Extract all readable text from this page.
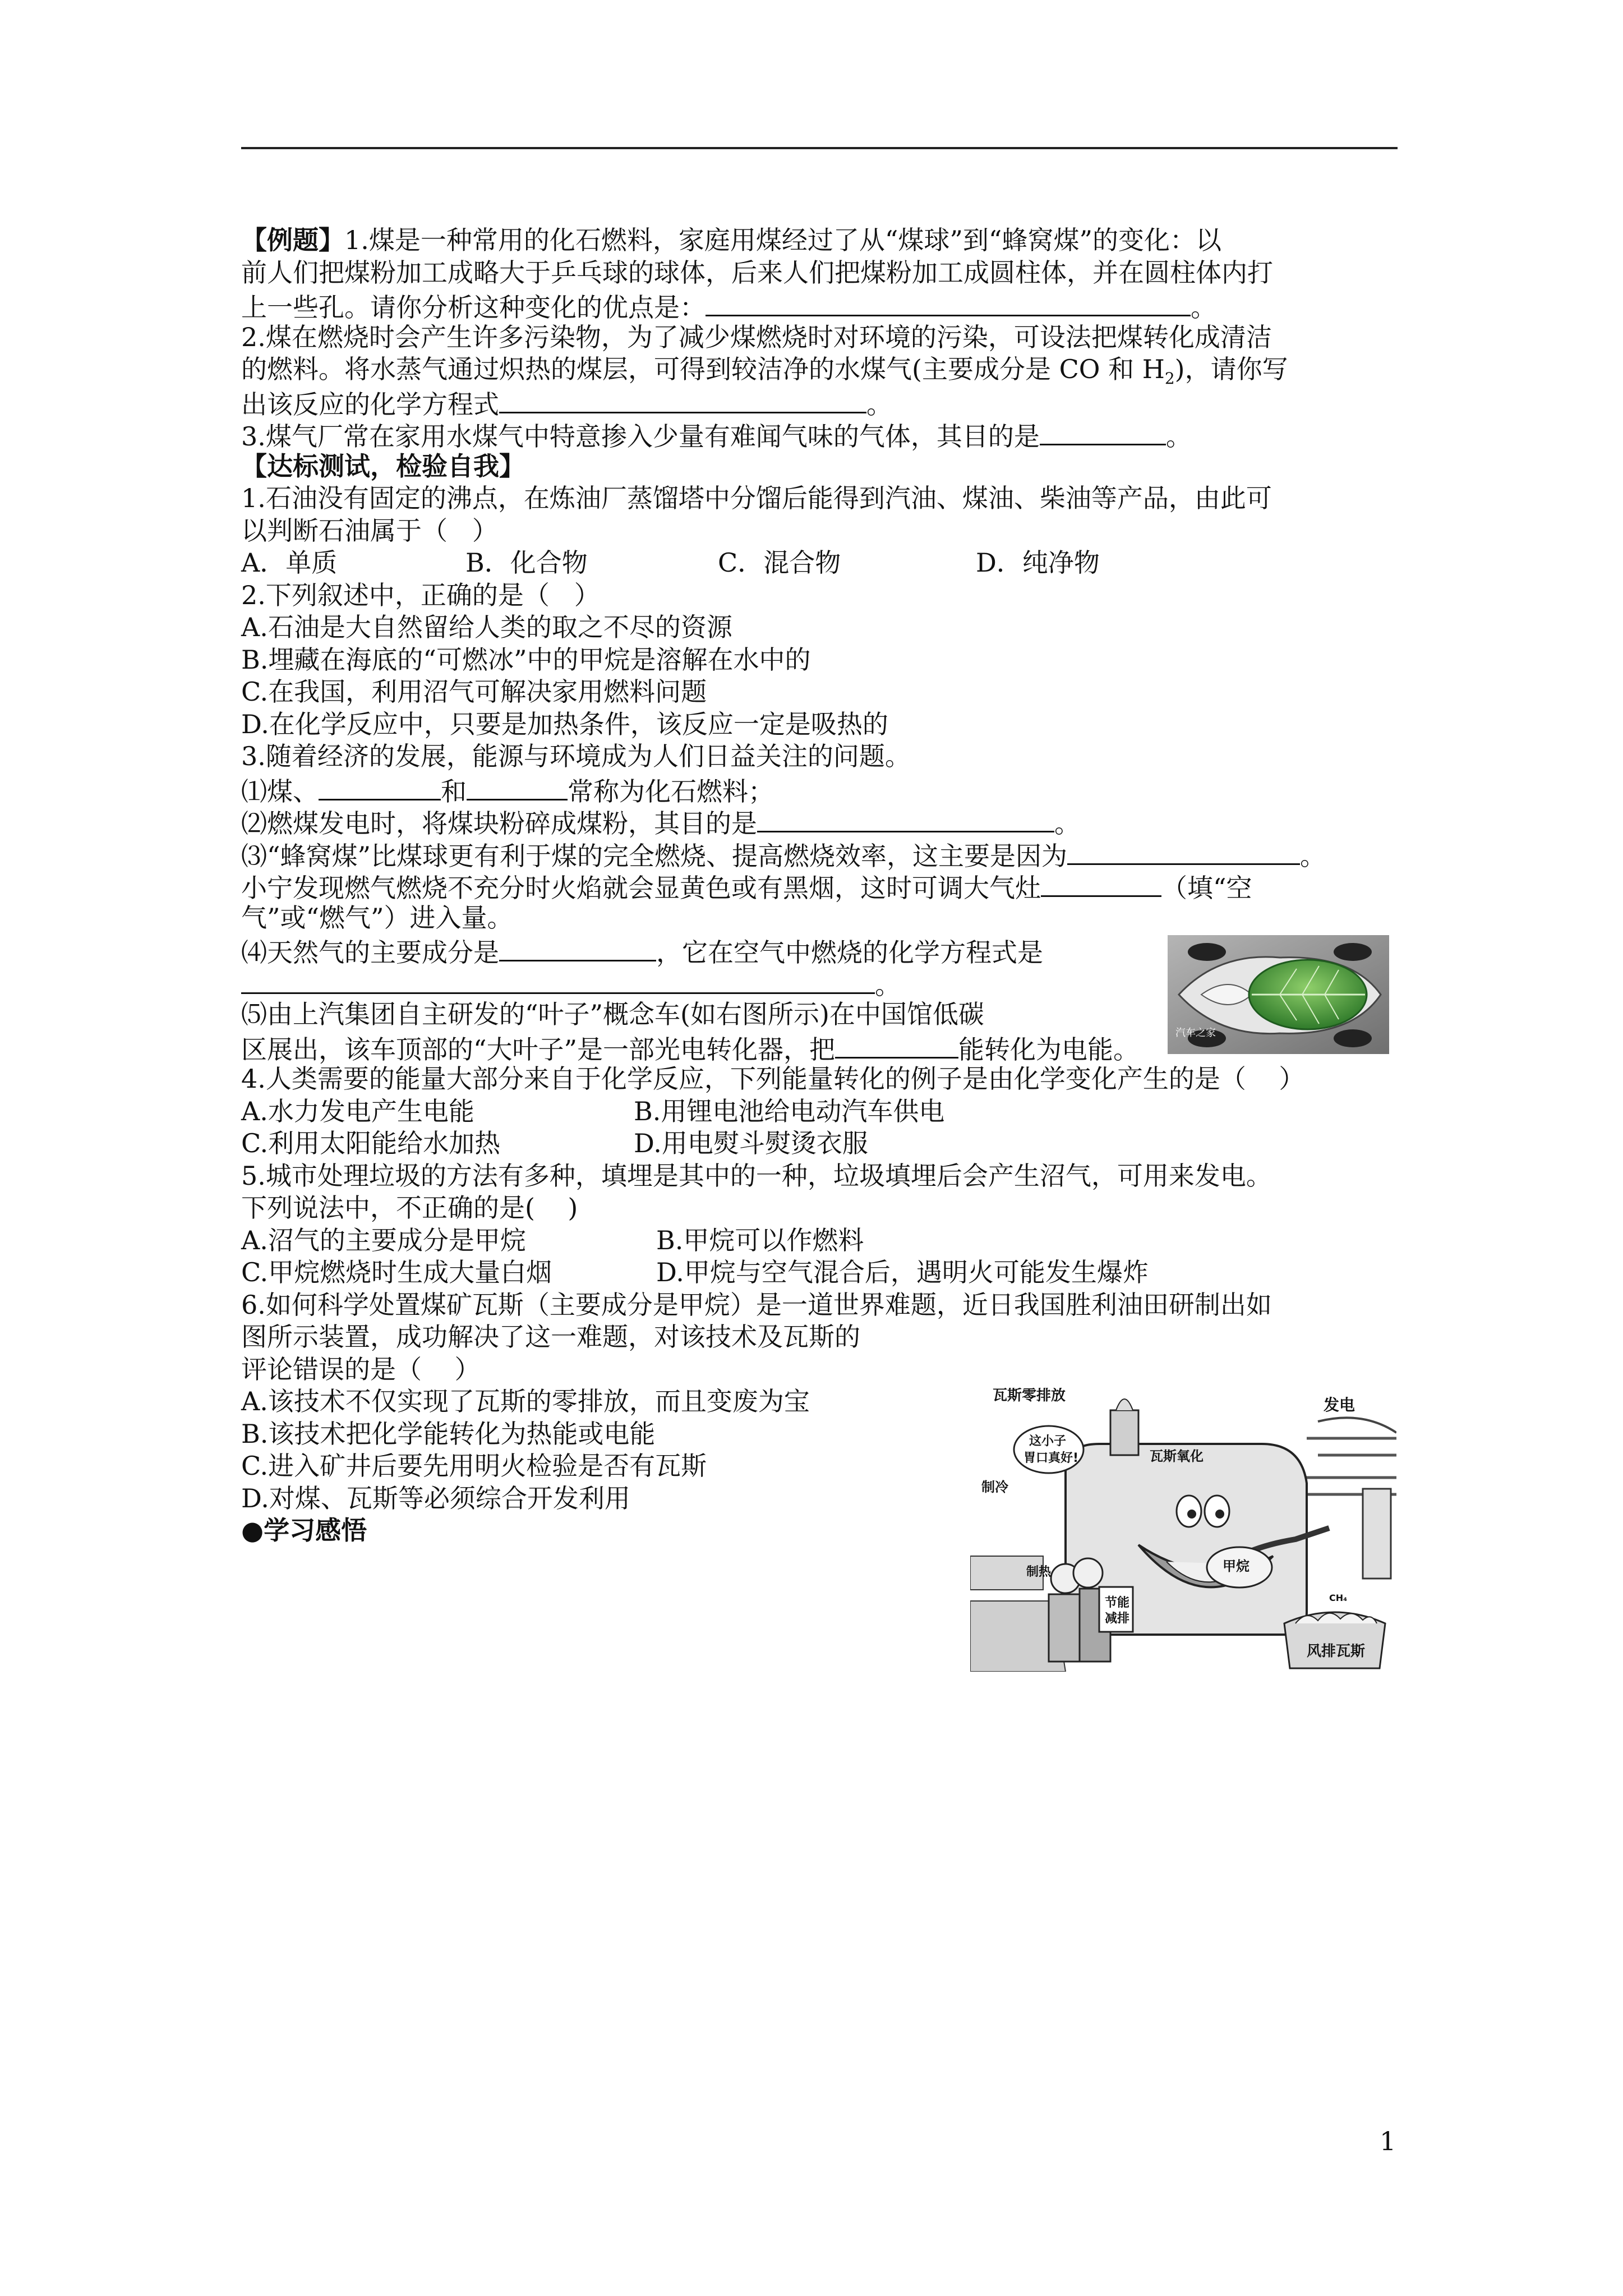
【例题】1.煤是一种常用的化石燃料，家庭用煤经过了从“煤球”到“蜂窝煤”的变化：以
前人们把煤粉加工成略大于乒乓球的球体，后来人们把煤粉加工成圆柱体，并在圆柱体内打
上一些孔。请你分析这种变化的优点是：	。
2.煤在燃烧时会产生许多污染物，为了减少煤燃烧时对环境的污染，可设法把煤转化成清洁
的燃料。将水蒸气通过炽热的煤层，可得到较洁净的水煤气(主要成分是 CO 和 $H_2$)，请你写
出该反应的化学方程式	。
3.煤气厂常在家用水煤气中特意掺入少量有难闻气味的气体，其目的是	。
【达标测试，检验自我】
1.石油没有固定的沸点，在炼油厂蒸馏塔中分馏后能得到汽油、煤油、柴油等产品，由此可
以判断石油属于（   ）
A．单质	B．化合物	C．混合物	D．纯净物
2.下列叙述中，正确的是（   ）
A.石油是大自然留给人类的取之不尽的资源
B.埋藏在海底的“可燃冰”中的甲烷是溶解在水中的
C.在我国，利用沼气可解决家用燃料问题
D.在化学反应中，只要是加热条件，该反应一定是吸热的
3.随着经济的发展，能源与环境成为人们日益关注的问题。
⑴煤、	和	常称为化石燃料；
⑵燃煤发电时，将煤块粉碎成煤粉，其目的是	。
⑶“蜂窝煤”比煤球更有利于煤的完全燃烧、提高燃烧效率，这主要是因为	。
小宁发现燃气燃烧不充分时火焰就会显黄色或有黑烟，这时可调大气灶	（填“空
气”或“燃气”）进入量。
⑷天然气的主要成分是	，它在空气中燃烧的化学方程式是
。
⑸由上汽集团自主研发的“叶子”概念车(如右图所示)在中国馆低碳
区展出，该车顶部的“大叶子”是一部光电转化器，把	能转化为电能。
4.人类需要的能量大部分来自于化学反应，下列能量转化的例子是由化学变化产生的是（    ）
A.水力发电产生电能	B.用锂电池给电动汽车供电
C.利用太阳能给水加热	D.用电熨斗熨烫衣服
5.城市处理垃圾的方法有多种，填埋是其中的一种，垃圾填埋后会产生沼气，可用来发电。
下列说法中，不正确的是(    )
A.沼气的主要成分是甲烷	B.甲烷可以作燃料
C.甲烷燃烧时生成大量白烟	D.甲烷与空气混合后，遇明火可能发生爆炸
6.如何科学处置煤矿瓦斯（主要成分是甲烷）是一道世界难题，近日我国胜利油田研制出如
图所示装置，成功解决了这一难题，对该技术及瓦斯的
评论错误的是（    ）
A.该技术不仅实现了瓦斯的零排放，而且变废为宝
B.该技术把化学能转化为热能或电能
C.进入矿井后要先用明火检验是否有瓦斯
D.对煤、瓦斯等必须综合开发利用
●学习感悟
汽车之家
瓦斯零排放	发电
这小子
胃口真好!	瓦斯氧化
制冷
制热
节能
减排
甲烷
CH₄
风排瓦斯
1
